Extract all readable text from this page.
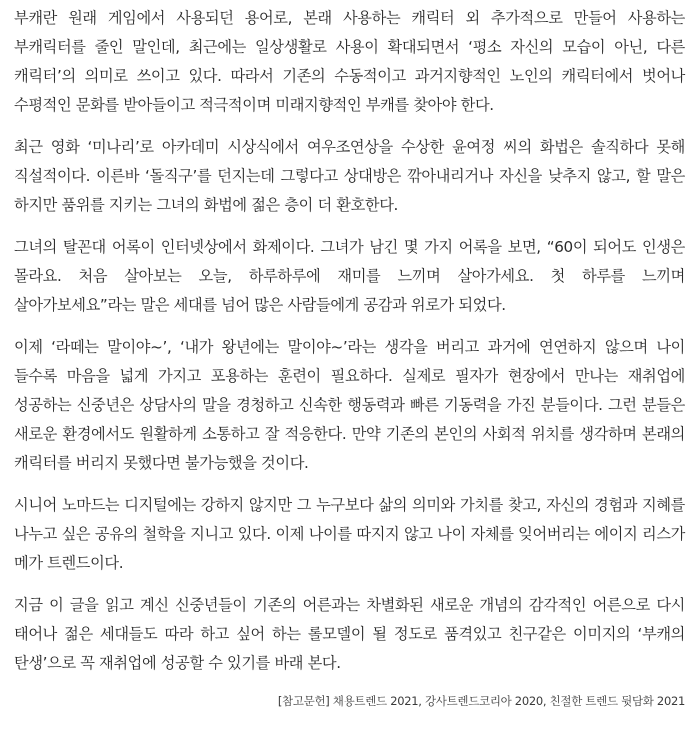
부캐란 원래 게임에서 사용되던 용어로, 본래 사용하는 캐릭터 외 추가적으로 만들어 사용하는 부캐릭터를 줄인 말인데, 최근에는 일상생활로 사용이 확대되면서 ‘평소 자신의 모습이 아닌, 다른 캐릭터’의 의미로 쓰이고 있다. 따라서 기존의 수동적이고 과거지향적인 노인의 캐릭터에서 벗어나 수평적인 문화를 받아들이고 적극적이며 미래지향적인 부캐를 찾아야 한다.

최근 영화 ‘미나리’로 아카데미 시상식에서 여우조연상을 수상한 윤여정 씨의 화법은 솔직하다 못해 직설적이다. 이른바 ‘돌직구’를 던지는데 그렇다고 상대방은 깎아내리거나 자신을 낮추지 않고, 할 말은 하지만 품위를 지키는 그녀의 화법에 젊은 층이 더 환호한다.

그녀의 탈꼰대 어록이 인터넷상에서 화제이다. 그녀가 남긴 몇 가지 어록을 보면, “60이 되어도 인생은 몰라요. 처음 살아보는 오늘, 하루하루에 재미를 느끼며 살아가세요. 첫 하루를 느끼며 살아가보세요”라는 말은 세대를 넘어 많은 사람들에게 공감과 위로가 되었다.

이제 ‘라떼는 말이야~’, ‘내가 왕년에는 말이야~’라는 생각을 버리고 과거에 연연하지 않으며 나이 들수록 마음을 넓게 가지고 포용하는 훈련이 필요하다. 실제로 필자가 현장에서 만나는 재취업에 성공하는 신중년은 상담사의 말을 경청하고 신속한 행동력과 빠른 기동력을 가진 분들이다. 그런 분들은 새로운 환경에서도 원활하게 소통하고 잘 적응한다. 만약 기존의 본인의 사회적 위치를 생각하며 본래의 캐릭터를 버리지 못했다면 불가능했을 것이다.

시니어 노마드는 디지털에는 강하지 않지만 그 누구보다 삶의 의미와 가치를 찾고, 자신의 경험과 지혜를 나누고 싶은 공유의 철학을 지니고 있다. 이제 나이를 따지지 않고 나이 자체를 잊어버리는 에이지 리스가 메가 트렌드이다.

지금 이 글을 읽고 계신 신중년들이 기존의 어른과는 차별화된 새로운 개념의 감각적인 어른으로 다시 태어나 젊은 세대들도 따라 하고 싶어 하는 롤모델이 될 정도로 품격있고 친구같은 이미지의 ‘부캐의 탄생’으로 꼭 재취업에 성공할 수 있기를 바래 본다.

[참고문헌] 채용트렌드 2021, 강사트렌드코리아 2020, 친절한 트렌드 뒷담화 2021
